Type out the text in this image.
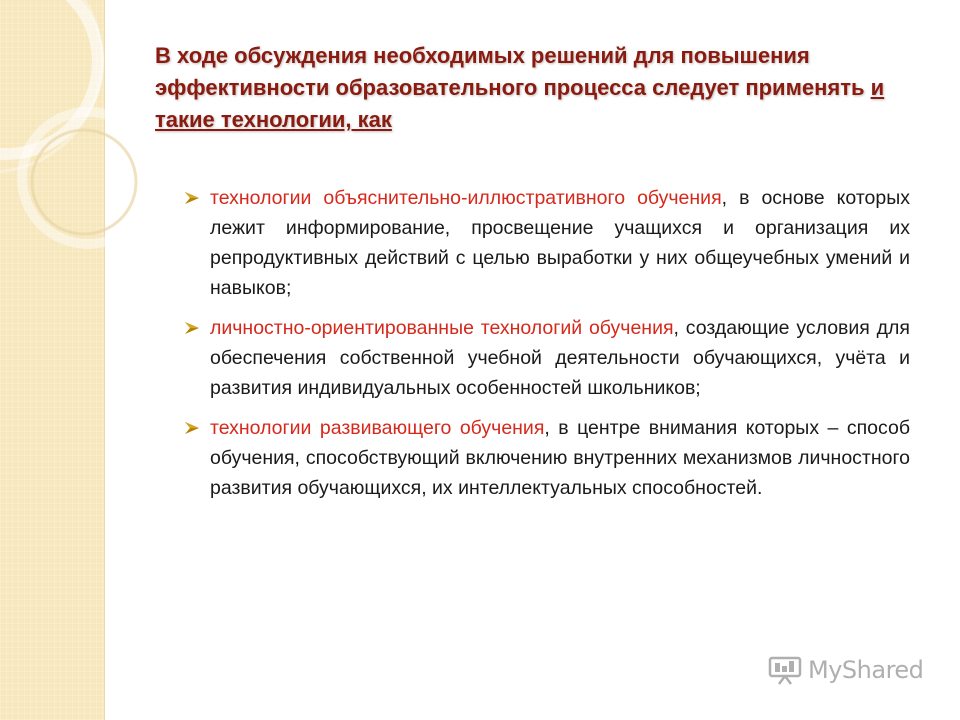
В ходе обсуждения необходимых решений для повышения эффективности образовательного процесса следует применять и такие технологии, как
технологии объяснительно-иллюстративного обучения, в основе которых лежит информирование, просвещение учащихся и организация их репродуктивных действий с целью выработки у них общеучебных умений и навыков;
личностно-ориентированные технологий обучения, создающие условия для обеспечения собственной учебной деятельности обучающихся, учёта и развития индивидуальных особенностей школьников;
технологии развивающего обучения, в центре внимания которых – способ обучения, способствующий включению внутренних механизмов личностного развития обучающихся, их интеллектуальных способностей.
MyShared
